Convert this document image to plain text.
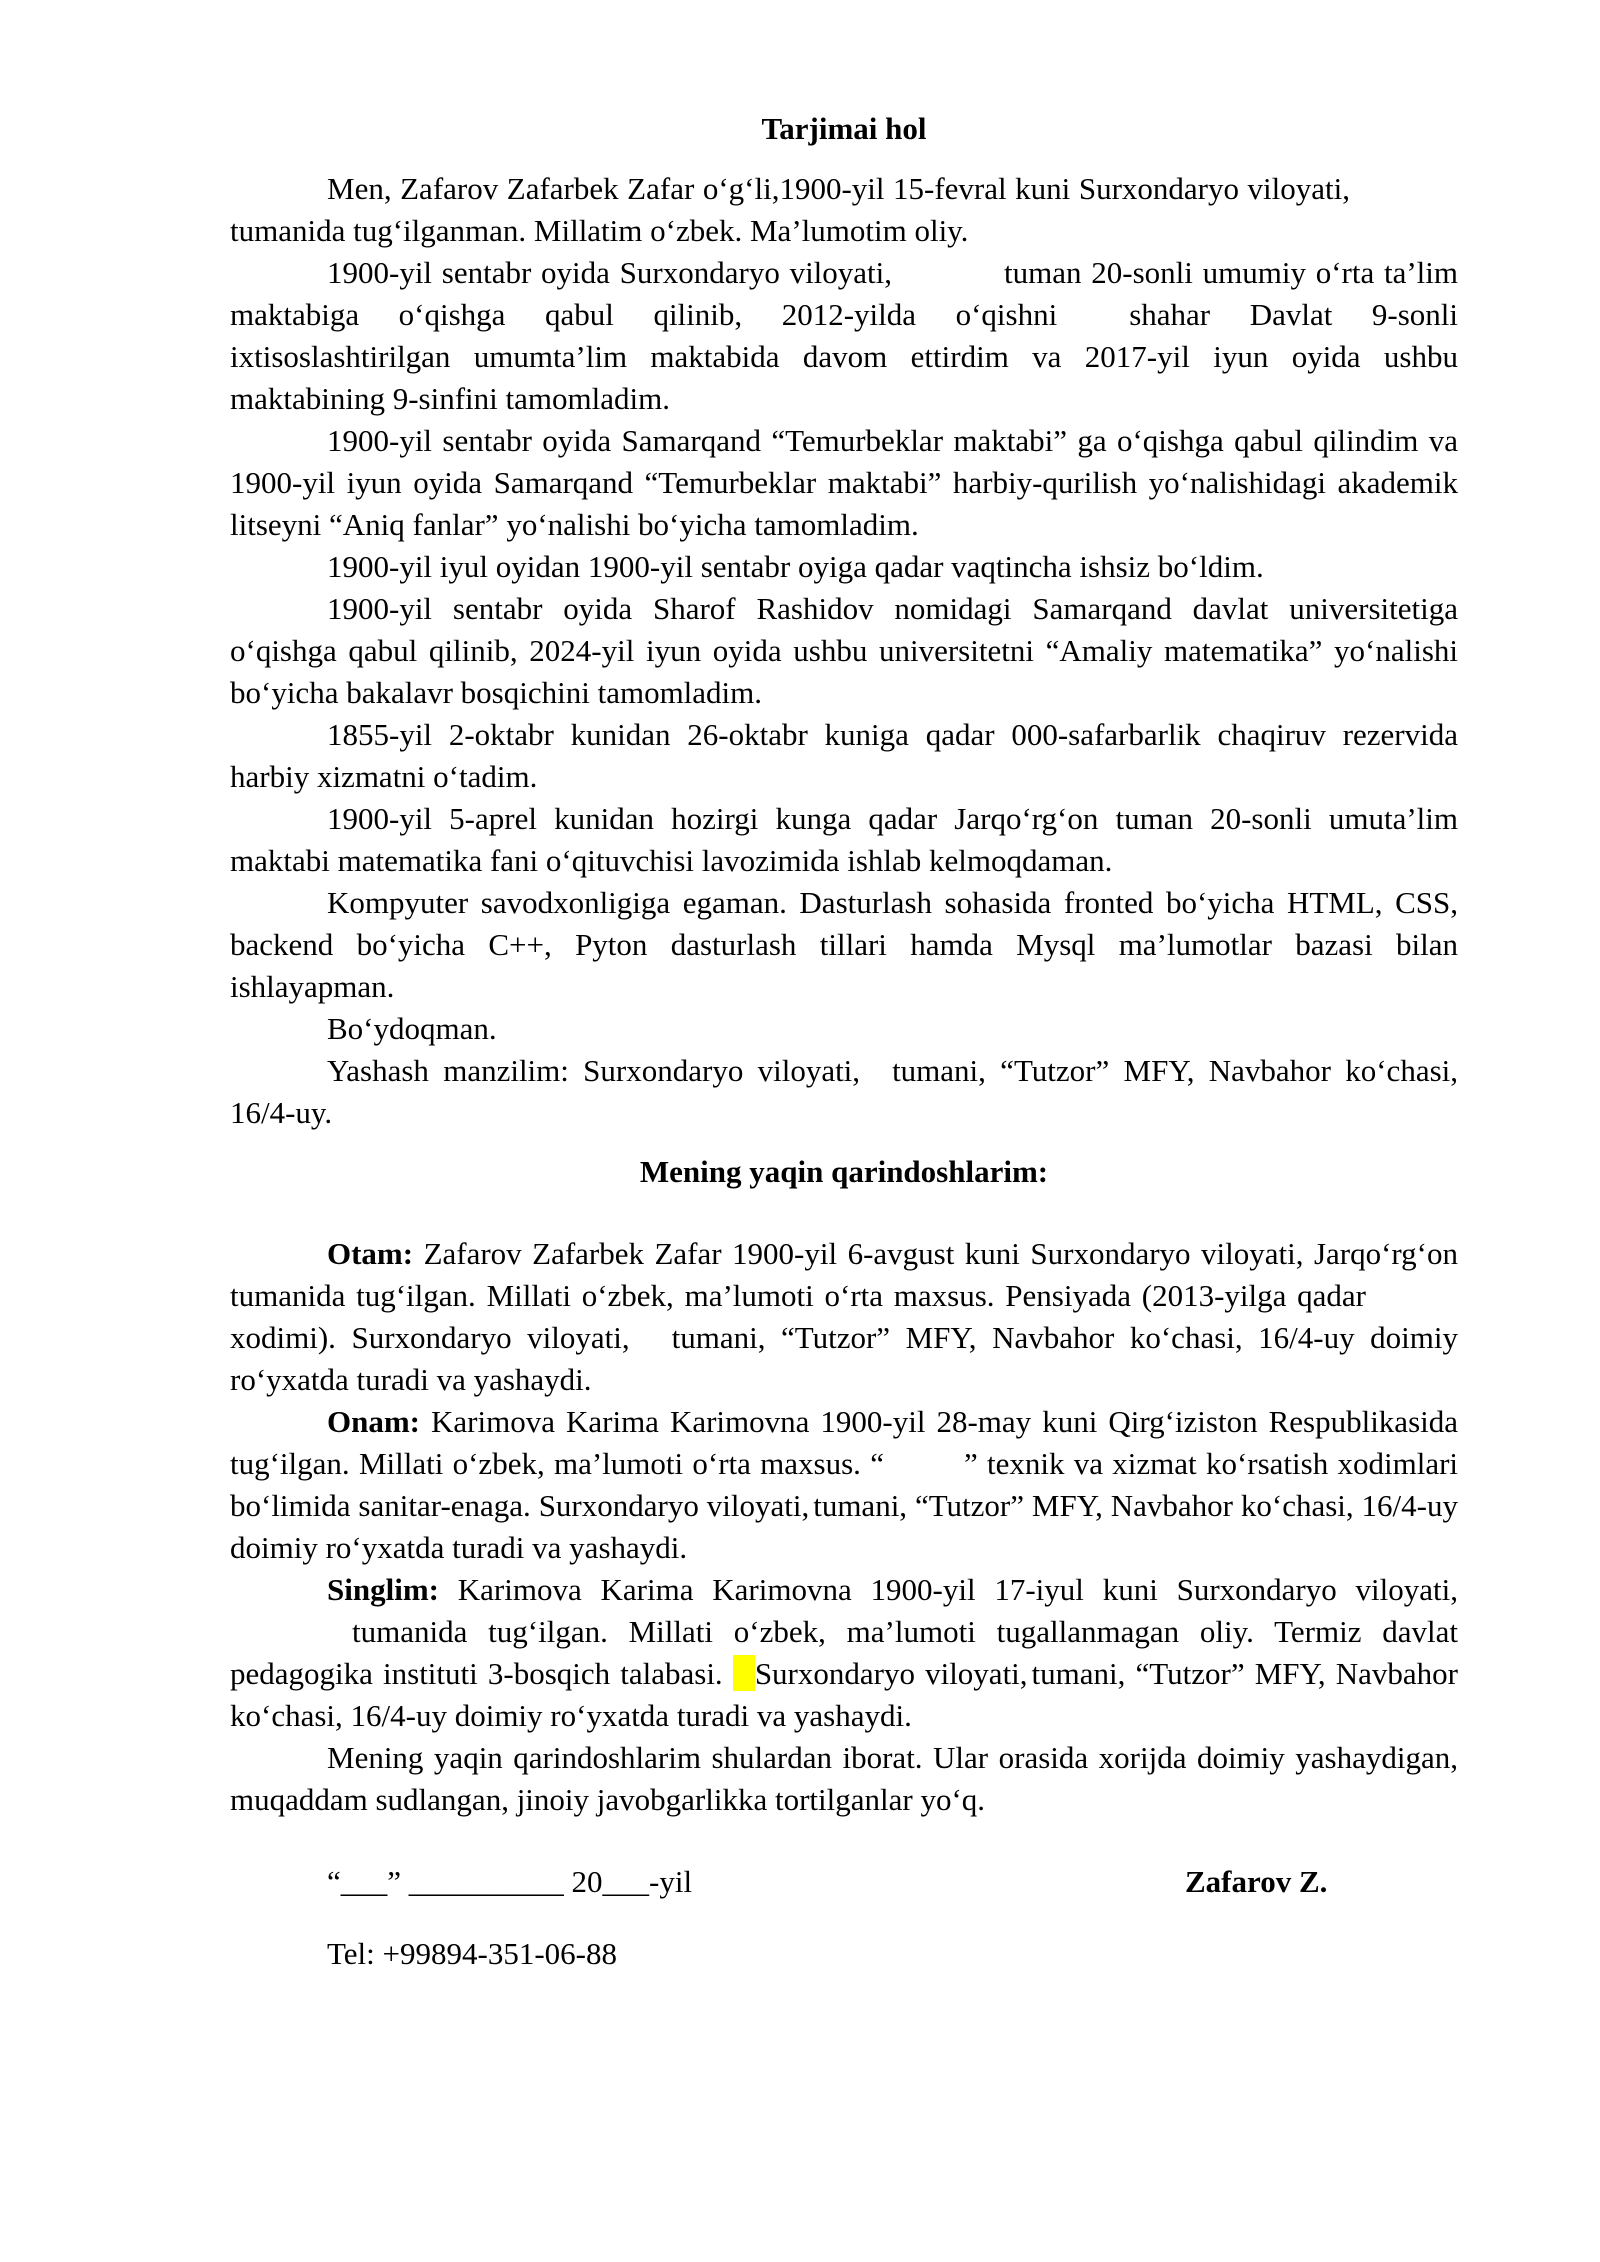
Tarjimai hol

Men, Zafarov Zafarbek Zafar o‘g‘li,1900-yil 15-fevral kuni Surxondaryo viloyati,tumanida tug‘ilganman. Millatim o‘zbek. Ma’lumotim oliy.

1900-yil sentabr oyida Surxondaryo viloyati,	tuman 20-sonli umumiy o‘rta ta’lim maktabiga o‘qishga qabul qilinib, 2012-yilda o‘qishni shahar Davlat 9-sonli ixtisoslashtirilgan umumta’lim maktabida davom ettirdim va 2017-yil iyun oyida ushbu maktabining 9-sinfini tamomladim.

1900-yil sentabr oyida Samarqand “Temurbeklar maktabi” ga o‘qishga qabul qilindim va 1900-yil iyun oyida Samarqand “Temurbeklar maktabi” harbiy-qurilish yo‘nalishidagi akademik litseyni “Aniq fanlar” yo‘nalishi bo‘yicha tamomladim.

1900-yil iyul oyidan 1900-yil sentabr oyiga qadar vaqtincha ishsiz bo‘ldim.

1900-yil sentabr oyida Sharof Rashidov nomidagi Samarqand davlat universitetiga o‘qishga qabul qilinib, 2024-yil iyun oyida ushbu universitetni “Amaliy matematika” yo‘nalishi bo‘yicha bakalavr bosqichini tamomladim.

1855-yil 2-oktabr kunidan 26-oktabr kuniga qadar 000-safarbarlik chaqiruv rezervida harbiy xizmatni o‘tadim.

1900-yil 5-aprel kunidan hozirgi kunga qadar Jarqo‘rg‘on tuman 20-sonli umuta’lim maktabi matematika fani o‘qituvchisi lavozimida ishlab kelmoqdaman.

Kompyuter savodxonligiga egaman. Dasturlash sohasida fronted bo‘yicha HTML, CSS, backend bo‘yicha C++, Pyton dasturlash tillari hamda Mysql ma’lumotlar bazasi bilan ishlayapman.

Bo‘ydoqman.

Yashash manzilim: Surxondaryo viloyati, tumani, “Tutzor” MFY, Navbahor ko‘chasi, 16/4-uy.

Mening yaqin qarindoshlarim:

Otam: Zafarov Zafarbek Zafar 1900-yil 6-avgust kuni Surxondaryo viloyati, Jarqo‘rg‘on tumanida tug‘ilgan. Millati o‘zbek, ma’lumoti o‘rta maxsus. Pensiyada (2013-yilga qadarxodimi). Surxondaryo viloyati, tumani, “Tutzor” MFY, Navbahor ko‘chasi, 16/4-uy doimiy ro‘yxatda turadi va yashaydi.

Onam: Karimova Karima Karimovna 1900-yil 28-may kuni Qirg‘iziston Respublikasida tug‘ilgan. Millati o‘zbek, ma’lumoti o‘rta maxsus. “	” texnik va xizmat ko‘rsatish xodimlari bo‘limida sanitar-enaga. Surxondaryo viloyati, tumani, “Tutzor” MFY, Navbahor ko‘chasi, 16/4-uy doimiy ro‘yxatda turadi va yashaydi.

Singlim: Karimova Karima Karimovna 1900-yil 17-iyul kuni Surxondaryo viloyati,tumanida tug‘ilgan. Millati o‘zbek, ma’lumoti tugallanmagan oliy. Termiz davlat pedagogika instituti 3-bosqich talabasi. Surxondaryo viloyati, tumani, “Tutzor” MFY, Navbahor ko‘chasi, 16/4-uy doimiy ro‘yxatda turadi va yashaydi.

Mening yaqin qarindoshlarim shulardan iborat. Ular orasida xorijda doimiy yashaydigan, muqaddam sudlangan, jinoiy javobgarlikka tortilganlar yo‘q.

“___” __________ 20___-yil	Zafarov Z.
Tel: +99894-351-06-88
